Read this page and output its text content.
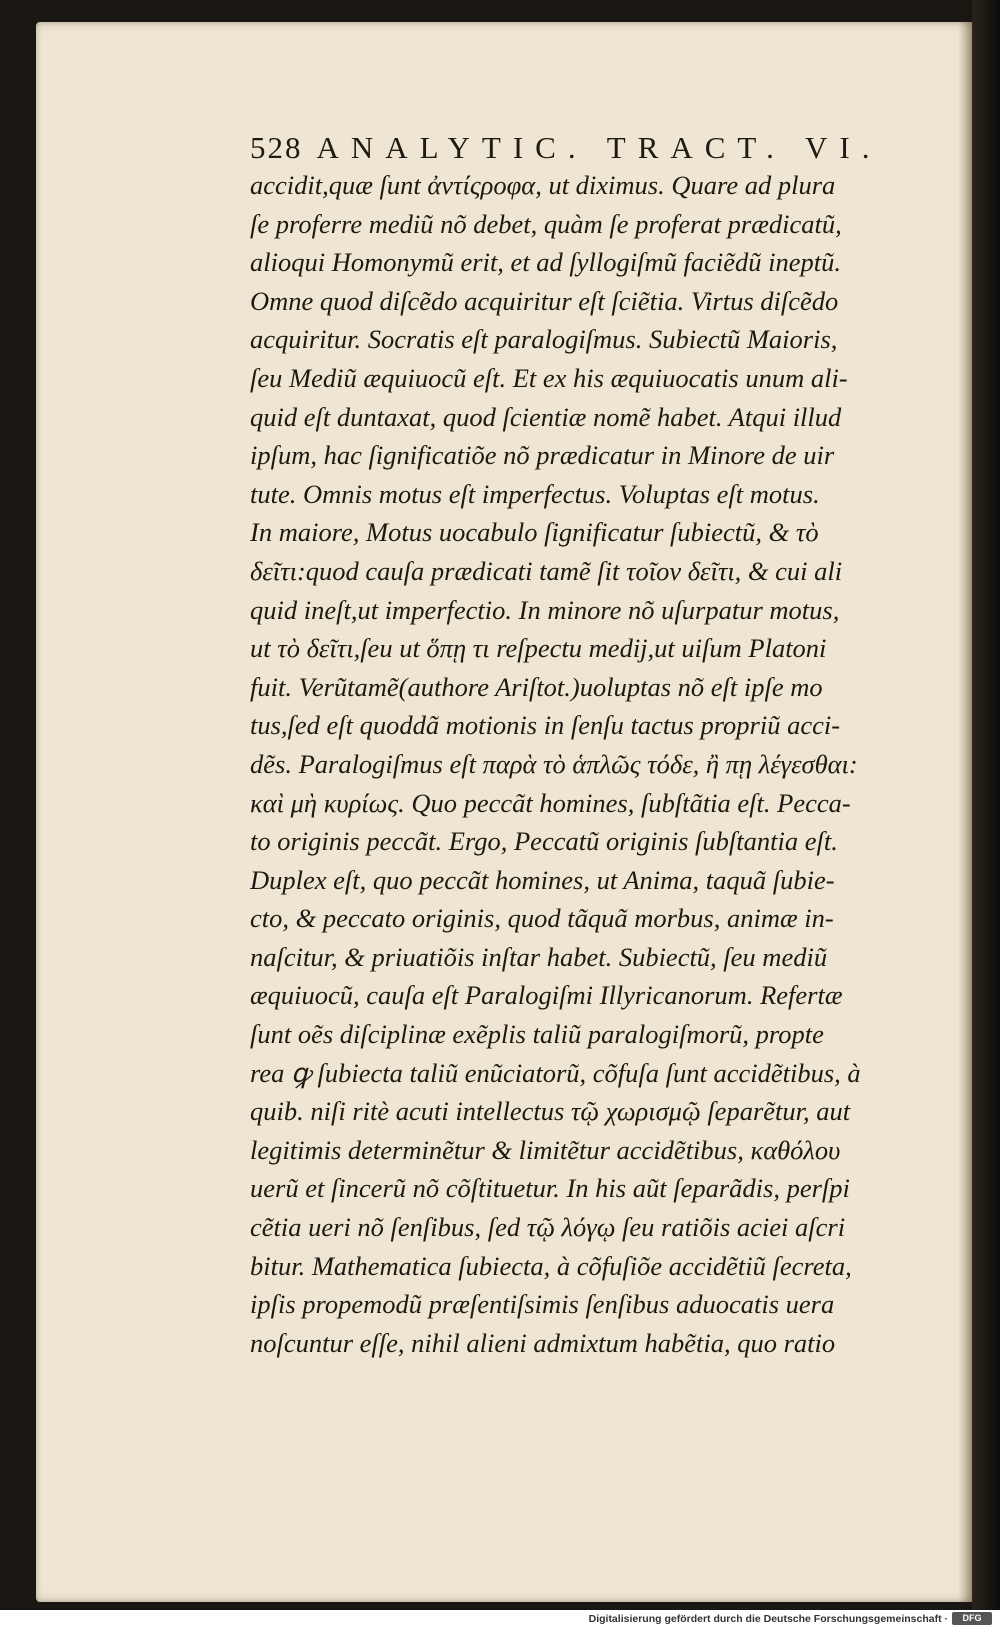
528 ANALYTIC. TRACT. VI.
accidit,quæ ſunt ἀντίςροφα, ut diximus. Quare ad plura
ſe proferre mediũ nõ debet, quàm ſe proferat prædicatũ,
alioqui Homonymũ erit, et ad ſyllogiſmũ faciẽdũ ineptũ.
Omne quod diſcẽdo acquiritur eſt ſciẽtia. Virtus diſcẽdo
acquiritur. Socratis eſt paralogiſmus. Subiectũ Maioris,
ſeu Mediũ æquiuocũ eſt. Et ex his æquiuocatis unum ali-
quid eſt duntaxat, quod ſcientiæ nomẽ habet. Atqui illud
ipſum, hac ſignificatiõe nõ prædicatur in Minore de uir
tute. Omnis motus eſt imperfectus. Voluptas eſt motus.
In maiore, Motus uocabulo ſignificatur ſubiectũ, & τὸ
δεῖτι:quod cauſa prædicati tamẽ ſit τοῖον δεῖτι, & cui ali
quid ineſt,ut imperfectio. In minore nõ uſurpatur motus,
ut τὸ δεῖτι,ſeu ut ὅπῃ τι reſpectu medij,ut uiſum Platoni
fuit. Verũtamẽ(authore Ariſtot.)uoluptas nõ eſt ipſe mo
tus,ſed eſt quoddã motionis in ſenſu tactus propriũ acci-
dẽs. Paralogiſmus eſt παρὰ τὸ ἁπλῶς τόδε, ἢ πῃ λέγεσθαι:
καὶ μὴ κυρίως. Quo peccãt homines, ſubſtãtia eſt. Pecca-
to originis peccãt. Ergo, Peccatũ originis ſubſtantia eſt.
Duplex eſt, quo peccãt homines, ut Anima, taquã ſubie-
cto, & peccato originis, quod tãquã morbus, animæ in-
naſcitur, & priuatiõis inſtar habet. Subiectũ, ſeu mediũ
æquiuocũ, cauſa eſt Paralogiſmi Illyricanorum. Refertæ
ſunt oẽs diſciplinæ exẽplis taliũ paralogiſmorũ, propte
rea ꝙ ſubiecta taliũ enũciatorũ, cõfuſa ſunt accidẽtibus, à
quib. niſi ritè acuti intellectus τῷ χωρισμῷ ſeparẽtur, aut
legitimis determinẽtur & limitẽtur accidẽtibus, καθόλου
uerũ et ſincerũ nõ cõſtituetur. In his aũt ſeparãdis, perſpi
cẽtia ueri nõ ſenſibus, ſed τῷ λόγῳ ſeu ratiõis aciei aſcri
bitur. Mathematica ſubiecta, à cõfuſiõe accidẽtiũ ſecreta,
ipſis propemodũ præſentiſsimis ſenſibus aduocatis uera
noſcuntur eſſe, nihil alieni admixtum habẽtia, quo ratio
Digitalisierung gefördert durch die Deutsche Forschungsgemeinschaft ·	DFG
